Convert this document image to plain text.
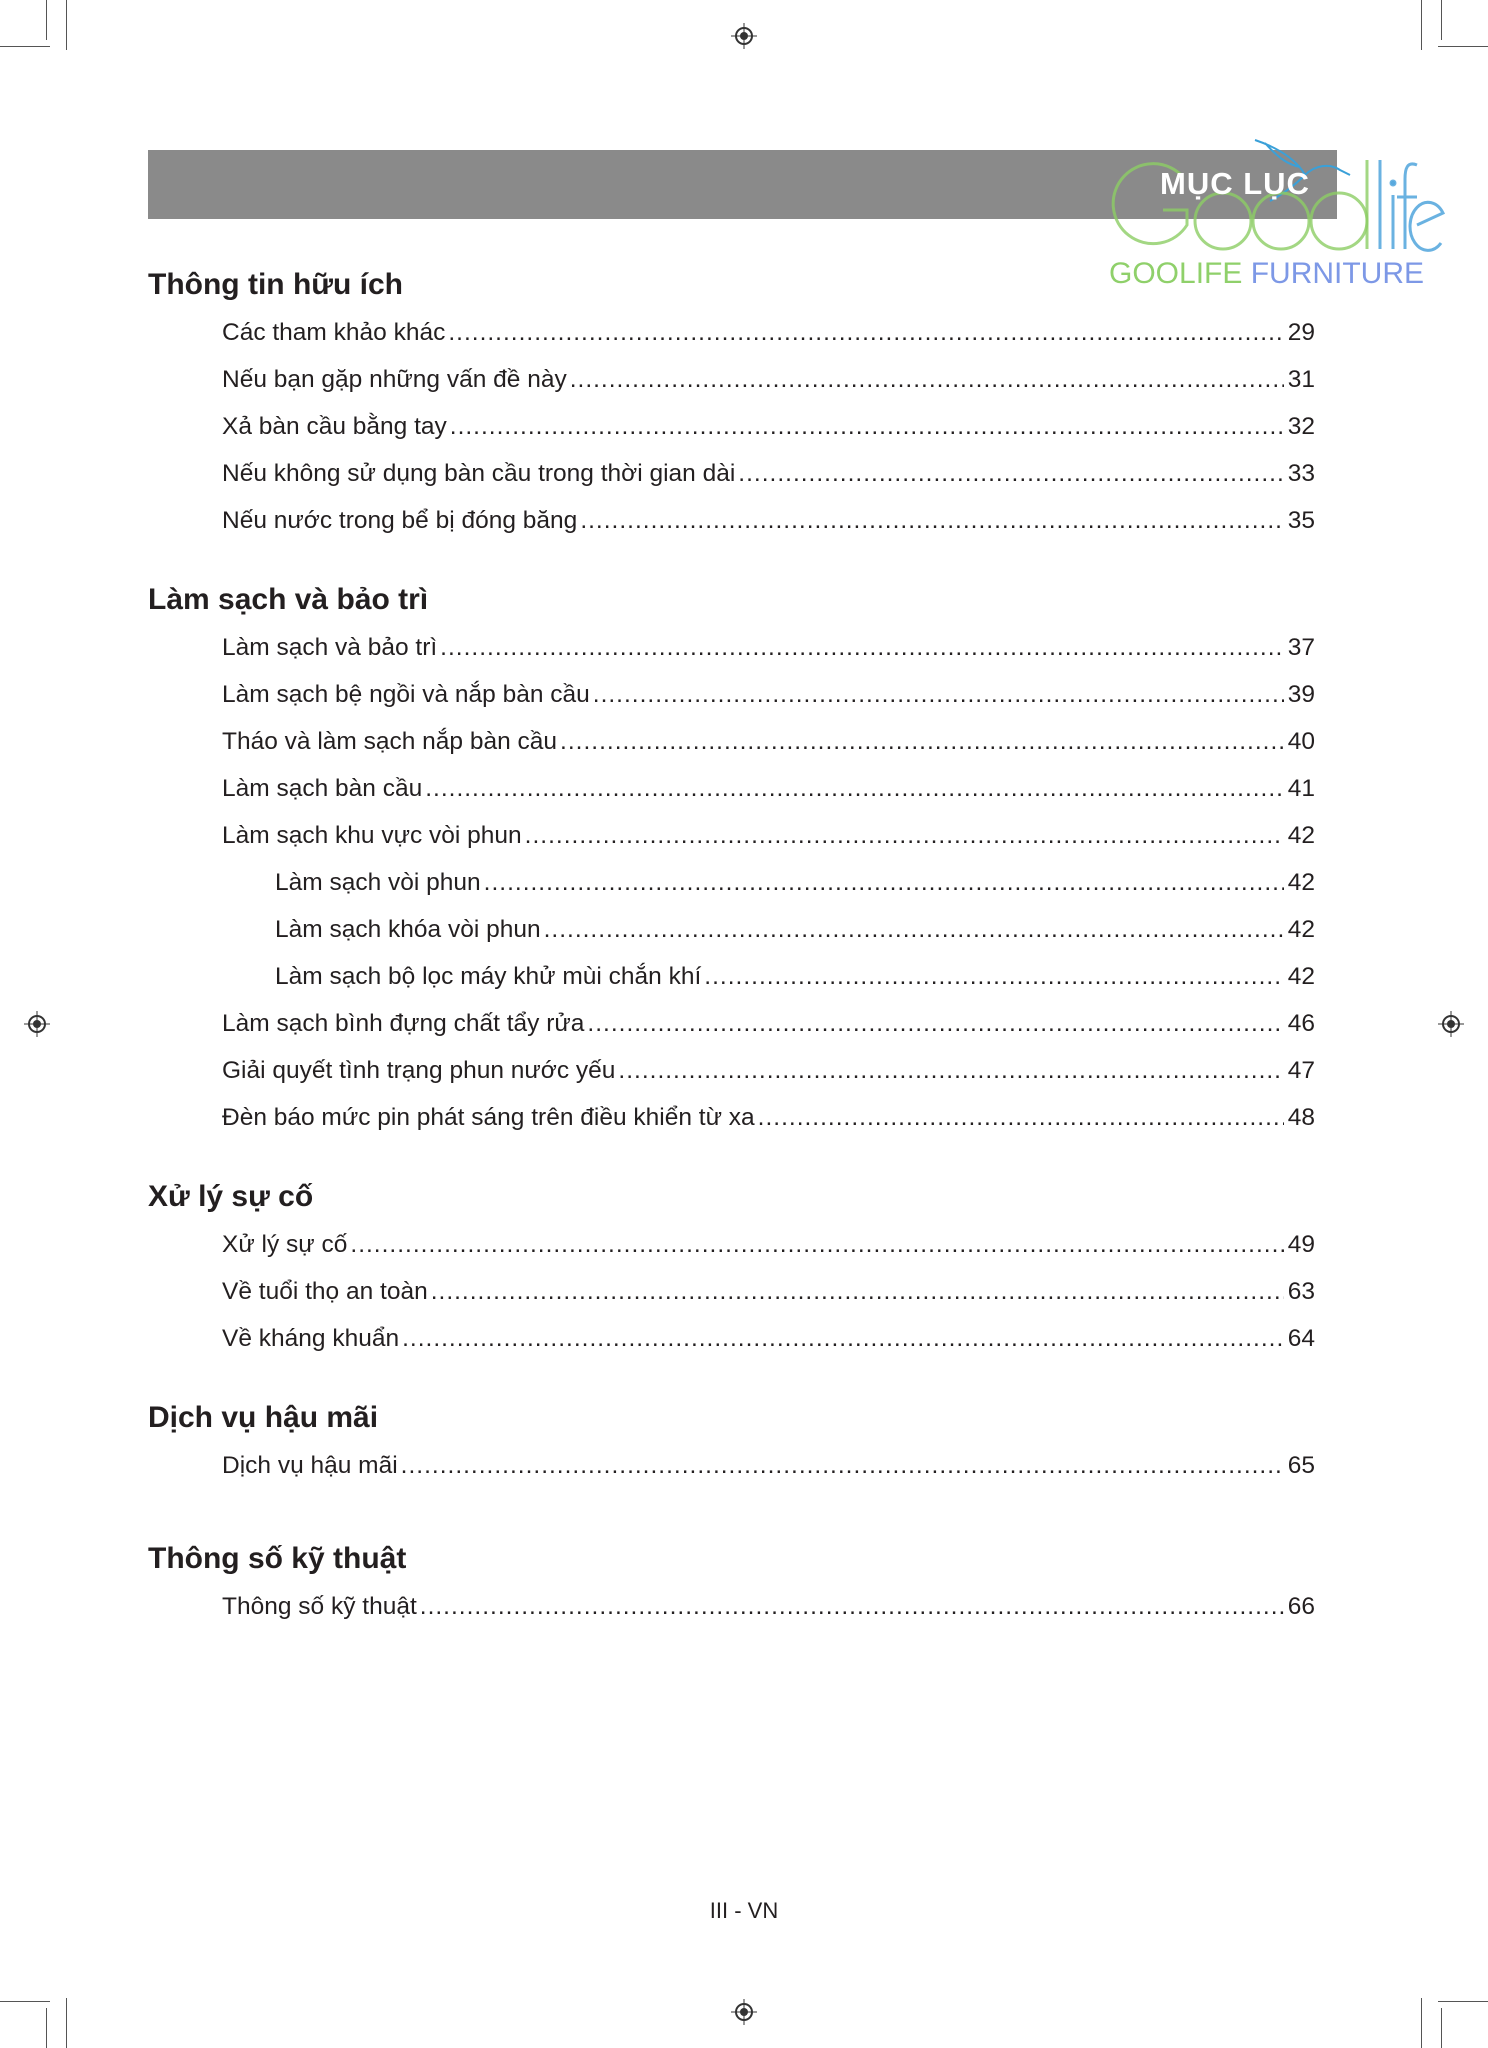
MỤC LỤC
GOOLIFE FURNITURE
Thông tin hữu ích
Các tham khảo khác .....	29
Nếu bạn gặp những vấn đề này .....	31
Xả bàn cầu bằng tay .....	32
Nếu không sử dụng bàn cầu trong thời gian dài .....	33
Nếu nước trong bể bị đóng băng .....	35
Làm sạch và bảo trì
Làm sạch và bảo trì .....	37
Làm sạch bệ ngồi và nắp bàn cầu .....	39
Tháo và làm sạch nắp bàn cầu .....	40
Làm sạch bàn cầu .....	41
Làm sạch khu vực vòi phun .....	42
Làm sạch vòi phun .....	42
Làm sạch khóa vòi phun .....	42
Làm sạch bộ lọc máy khử mùi chắn khí .....	42
Làm sạch bình đựng chất tẩy rửa .....	46
Giải quyết tình trạng phun nước yếu .....	47
Đèn báo mức pin phát sáng trên điều khiển từ xa .....	48
Xử lý sự cố
Xử lý sự cố .....	49
Về tuổi thọ an toàn .....	63
Về kháng khuẩn .....	64
Dịch vụ hậu mãi
Dịch vụ hậu mãi .....	65
Thông số kỹ thuật
Thông số kỹ thuật .....	66
III - VN
